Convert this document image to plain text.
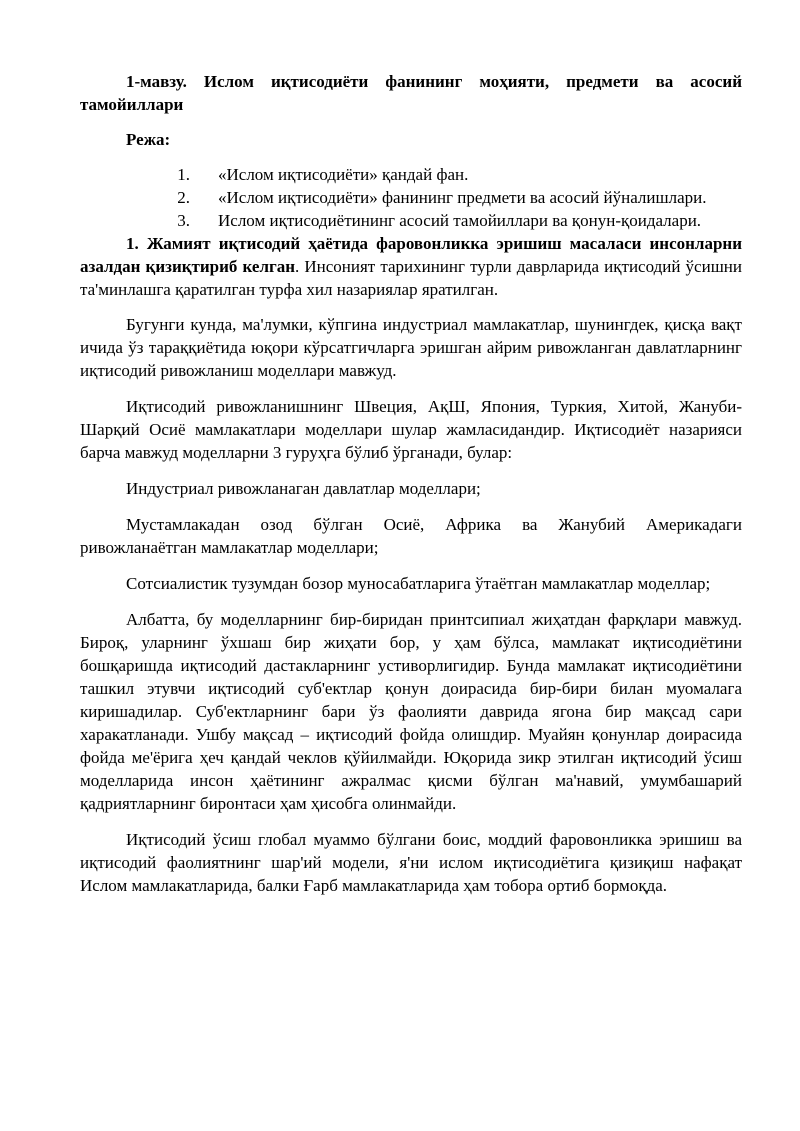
1-мавзу. Ислом иқтисодиёти фанининг моҳияти, предмети ва асосий тамойиллари

Режа:

1.	«Ислом иқтисодиёти» қандай фан.
2.	«Ислом иқтисодиёти» фанининг предмети ва асосий йўналишлари.
3.	Ислом иқтисодиётининг асосий тамойиллари ва қонун-қоидалари.

1. Жамият иқтисодий ҳаётида фаровонликка эришиш масаласи инсонларни азалдан қизиқтириб келган. Инсоният тарихининг турли даврларида иқтисодий ўсишни та'минлашга қаратилган турфа хил назариялар яратилган.

Бугунги кунда, ма'лумки, кўпгина индустриал мамлакатлар, шунингдек, қисқа вақт ичида ўз тараққиётида юқори кўрсатгичларга эришган айрим ривожланган давлатларнинг иқтисодий ривожланиш моделлари мавжуд.

Иқтисодий ривожланишнинг Швеция, АқШ, Япония, Туркия, Хитой, Жануби-Шарқий Осиё мамлакатлари моделлари шулар жамласидандир. Иқтисодиёт назарияси барча мавжуд моделларни 3 гуруҳга бўлиб ўрганади, булар:

Индустриал ривожланаган давлатлар моделлари;

Мустамлакадан озод бўлган Осиё, Африка ва Жанубий Америкадаги ривожланаётган мамлакатлар моделлари;

Сотсиалистик тузумдан бозор муносабатларига ўтаётган мамлакатлар моделлар;

Албатта, бу моделларнинг бир-биридан принтсипиал жиҳатдан фарқлари мавжуд. Бироқ, уларнинг ўхшаш бир жиҳати бор, у ҳам бўлса, мамлакат иқтисодиётини бошқаришда иқтисодий дастакларнинг устиворлигидир. Бунда мамлакат иқтисодиётини ташкил этувчи иқтисодий суб'ектлар қонун доирасида бир-бири билан муомалага киришадилар. Суб'ектларнинг бари ўз фаолияти даврида ягона бир мақсад сари харакатланади. Ушбу мақсад – иқтисодий фойда олишдир. Муайян қонунлар доирасида фойда ме'ёрига ҳеч қандай чеклов қўйилмайди. Юқорида зикр этилган иқтисодий ўсиш моделларида инсон ҳаётининг ажралмас қисми бўлган ма'навий, умумбашарий қадриятларнинг биронтаси ҳам ҳисобга олинмайди.

Иқтисодий ўсиш глобал муаммо бўлгани боис, моддий фаровонликка эришиш ва иқтисодий фаолиятнинг шар'ий модели, я'ни ислом иқтисодиётига қизиқиш нафақат Ислом мамлакатларида, балки Ғарб мамлакатларида ҳам тобора ортиб бормоқда.
